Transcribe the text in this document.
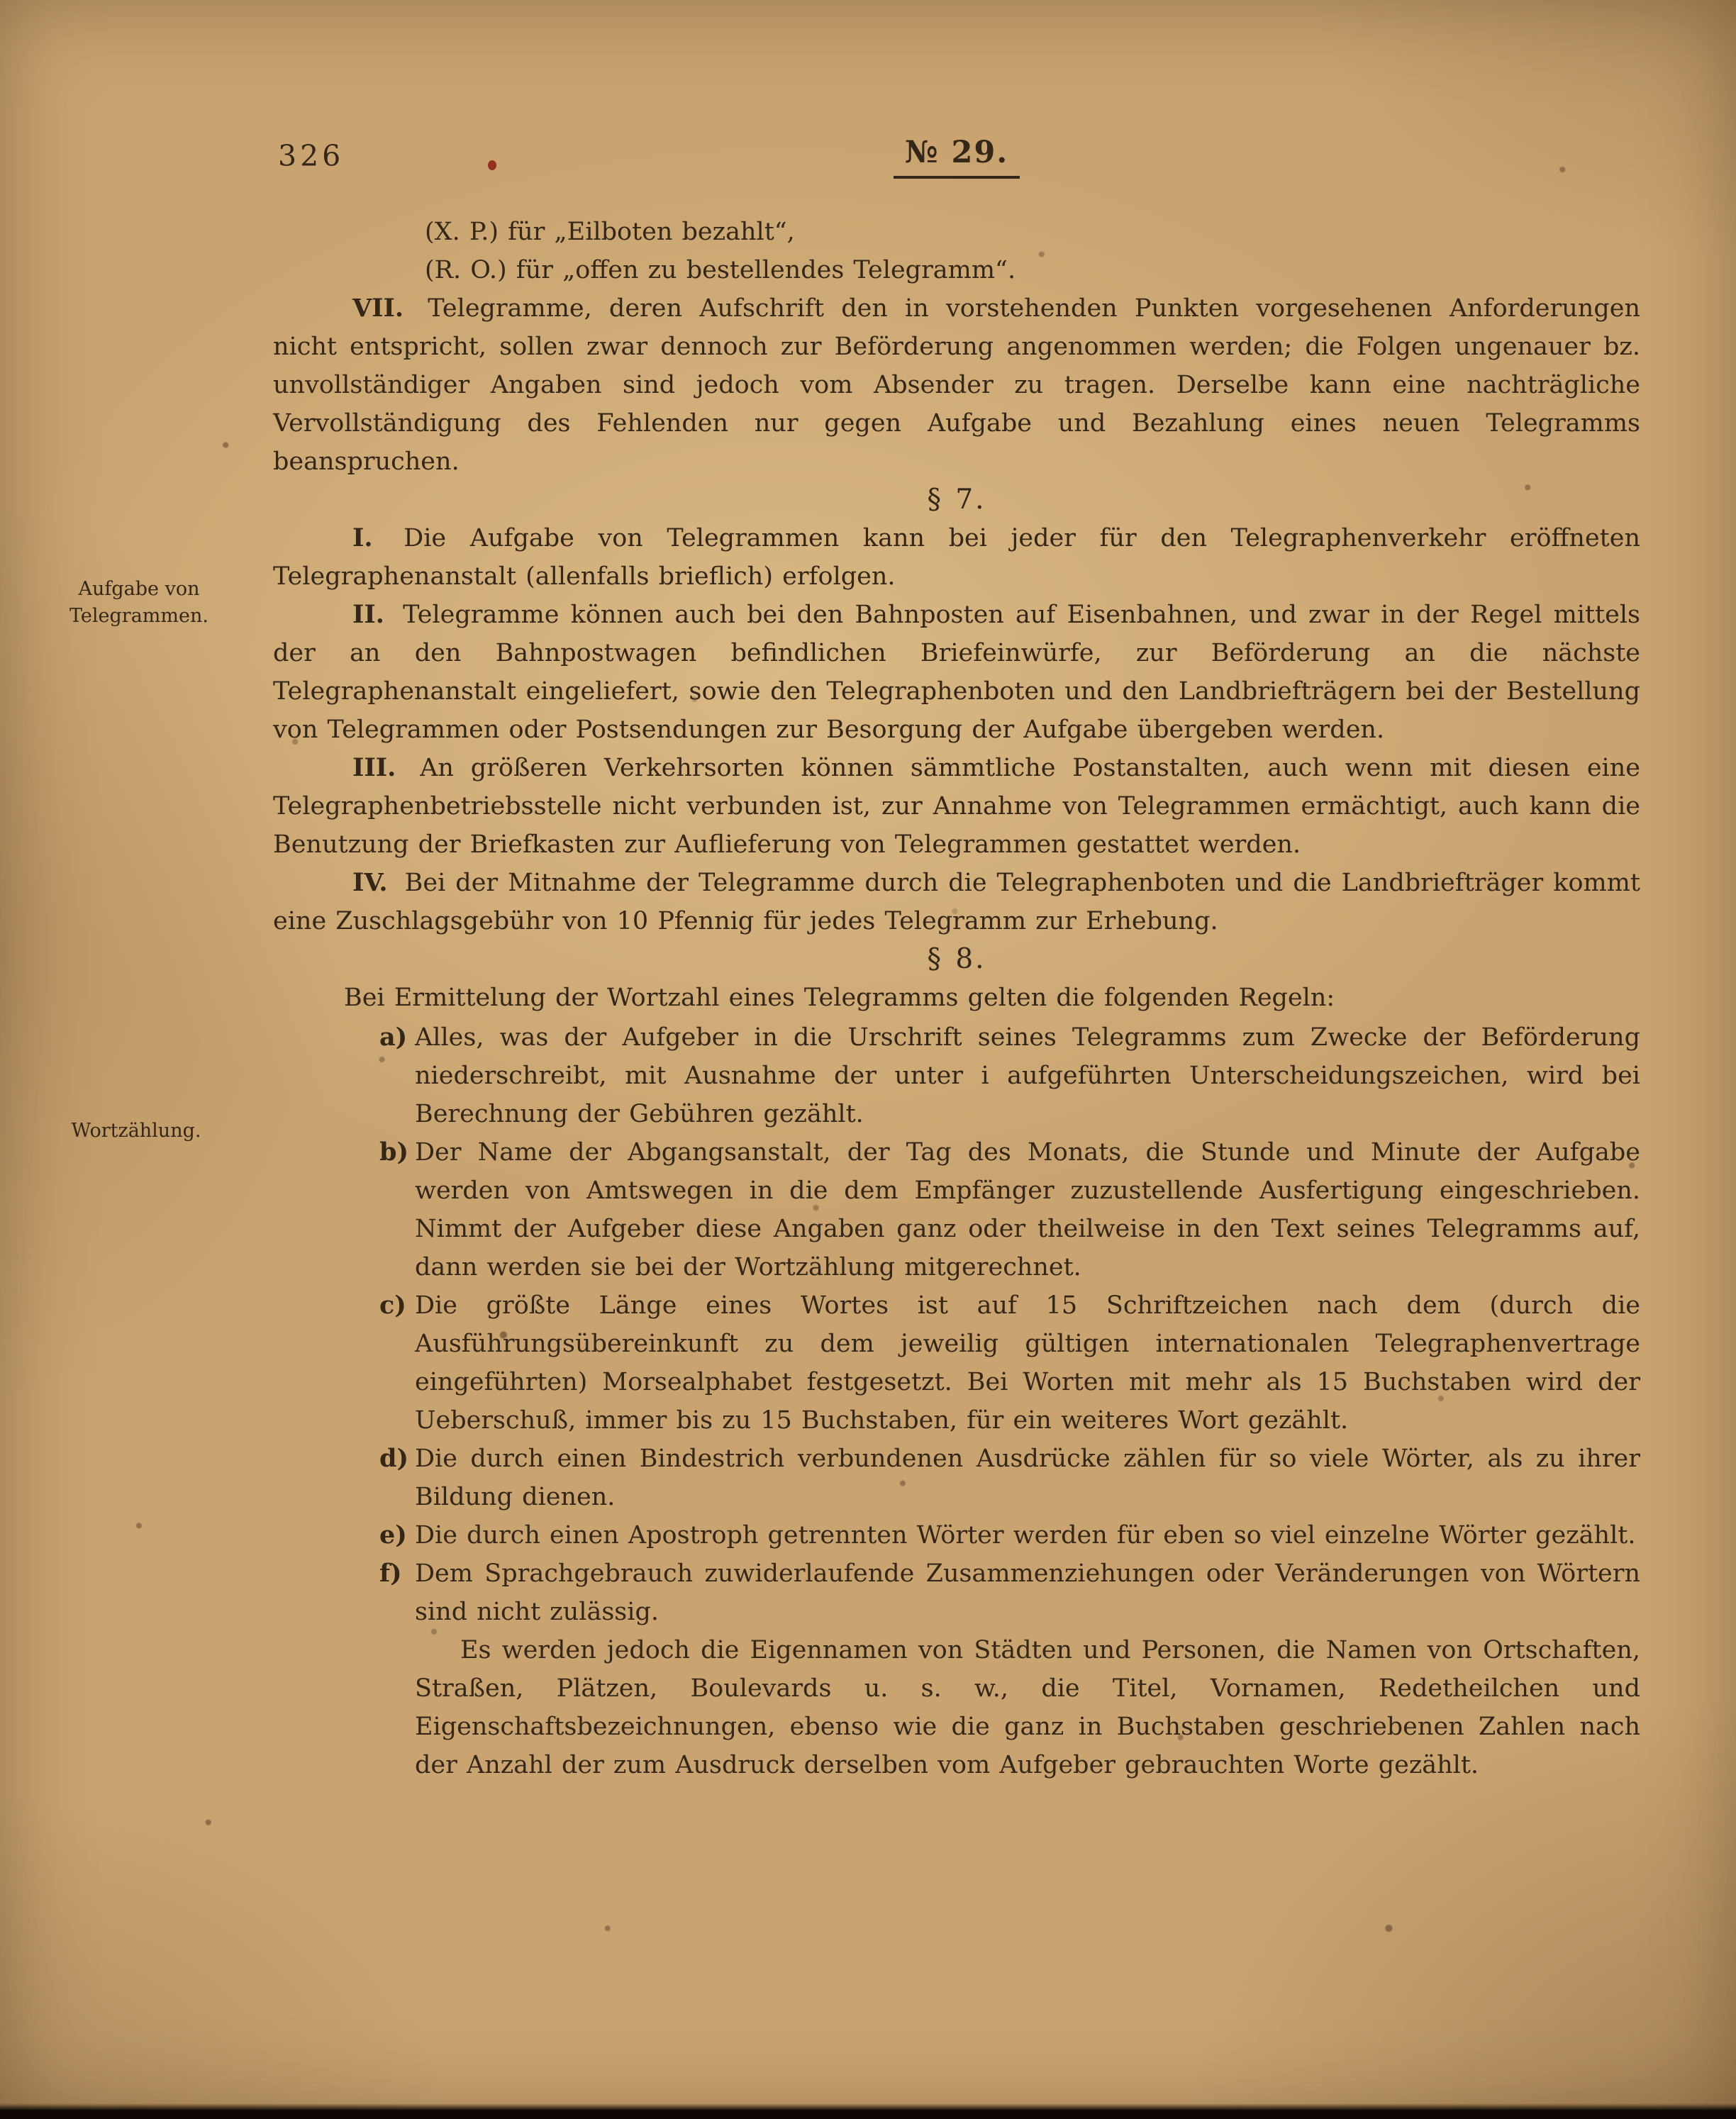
326	№ 29.
Aufgabe von Telegrammen.
Wortzählung.

(X. P.) für „Eilboten bezahlt“,

(R. O.) für „offen zu bestellendes Telegramm“.

VII. Telegramme, deren Aufschrift den in vorstehenden Punkten vorgesehenen Anforderungen nicht entspricht, sollen zwar dennoch zur Beförderung angenommen werden; die Folgen ungenauer bz. unvollständiger Angaben sind jedoch vom Absender zu tragen. Derselbe kann eine nachträgliche Vervollständigung des Fehlenden nur gegen Aufgabe und Bezahlung eines neuen Telegramms beanspruchen.

§ 7.

I. Die Aufgabe von Telegrammen kann bei jeder für den Telegraphenverkehr eröffneten Telegraphenanstalt (allenfalls brieflich) erfolgen.

II. Telegramme können auch bei den Bahnposten auf Eisenbahnen, und zwar in der Regel mittels der an den Bahnpostwagen befindlichen Briefeinwürfe, zur Beförderung an die nächste Telegraphenanstalt eingeliefert, sowie den Telegraphenboten und den Landbriefträgern bei der Bestellung von Telegrammen oder Postsendungen zur Besorgung der Aufgabe übergeben werden.

III. An größeren Verkehrsorten können sämmtliche Postanstalten, auch wenn mit diesen eine Telegraphenbetriebsstelle nicht verbunden ist, zur Annahme von Telegrammen ermächtigt, auch kann die Benutzung der Briefkasten zur Auflieferung von Telegrammen gestattet werden.

IV. Bei der Mitnahme der Telegramme durch die Telegraphenboten und die Landbriefträger kommt eine Zuschlagsgebühr von 10 Pfennig für jedes Telegramm zur Erhebung.

§ 8.

Bei Ermittelung der Wortzahl eines Telegramms gelten die folgenden Regeln:

a) Alles, was der Aufgeber in die Urschrift seines Telegramms zum Zwecke der Beförderung niederschreibt, mit Ausnahme der unter i aufgeführten Unterscheidungszeichen, wird bei Berechnung der Gebühren gezählt.

b) Der Name der Abgangsanstalt, der Tag des Monats, die Stunde und Minute der Aufgabe werden von Amtswegen in die dem Empfänger zuzustellende Ausfertigung eingeschrieben. Nimmt der Aufgeber diese Angaben ganz oder theilweise in den Text seines Telegramms auf, dann werden sie bei der Wortzählung mitgerechnet.

c) Die größte Länge eines Wortes ist auf 15 Schriftzeichen nach dem (durch die Ausführungsübereinkunft zu dem jeweilig gültigen internationalen Telegraphenvertrage eingeführten) Morsealphabet festgesetzt. Bei Worten mit mehr als 15 Buchstaben wird der Ueberschuß, immer bis zu 15 Buchstaben, für ein weiteres Wort gezählt.

d) Die durch einen Bindestrich verbundenen Ausdrücke zählen für so viele Wörter, als zu ihrer Bildung dienen.

e) Die durch einen Apostroph getrennten Wörter werden für eben so viel einzelne Wörter gezählt.

f) Dem Sprachgebrauch zuwiderlaufende Zusammenziehungen oder Veränderungen von Wörtern sind nicht zulässig.

Es werden jedoch die Eigennamen von Städten und Personen, die Namen von Ortschaften, Straßen, Plätzen, Boulevards u. s. w., die Titel, Vornamen, Redetheilchen und Eigenschaftsbezeichnungen, ebenso wie die ganz in Buchstaben geschriebenen Zahlen nach der Anzahl der zum Ausdruck derselben vom Aufgeber gebrauchten Worte gezählt.
